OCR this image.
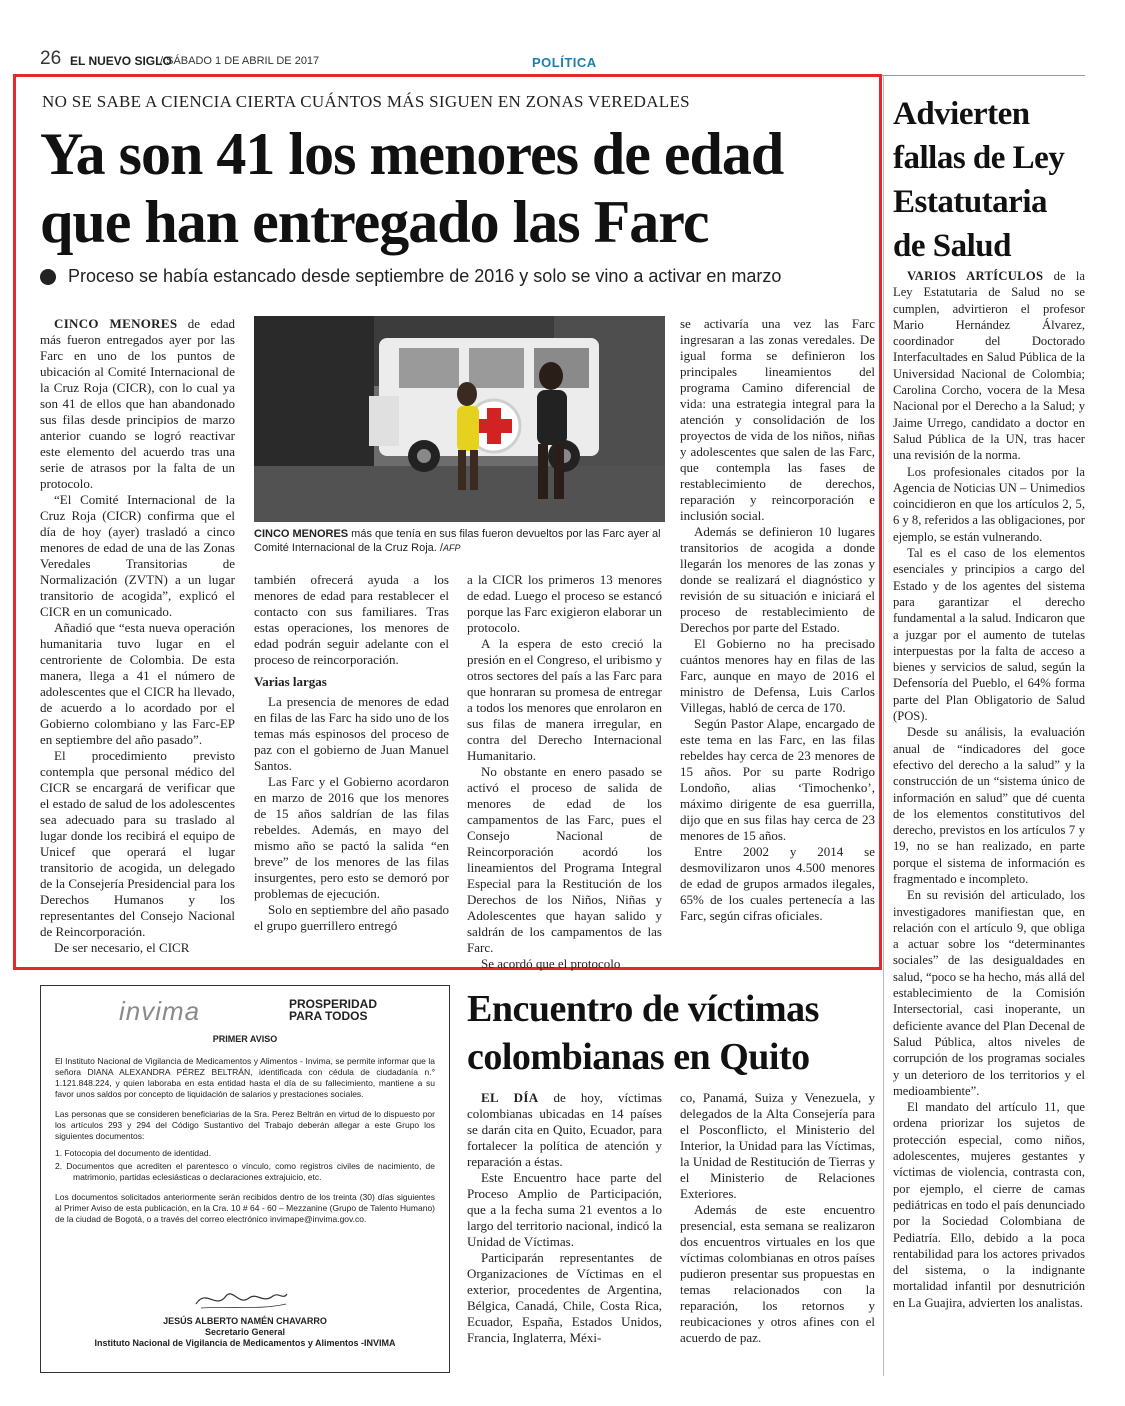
26 EL NUEVO SIGLO
/ SÁBADO 1 DE ABRIL DE 2017	POLÍTICA
NO SE SABE A CIENCIA CIERTA CUÁNTOS MÁS SIGUEN EN ZONAS VEREDALES
Ya son 41 los menores de edad que han entregado las Farc
Proceso se había estancado desde septiembre de 2016 y solo se vino a activar en marzo

CINCO MENORES de edad más fueron entregados ayer por las Farc en uno de los puntos de ubicación al Comité Internacional de la Cruz Roja (CICR), con lo cual ya son 41 de ellos que han abandonado sus filas desde principios de marzo anterior cuando se logró reactivar este elemento del acuerdo tras una serie de atrasos por la falta de un protocolo.

“El Comité Internacional de la Cruz Roja (CICR) confirma que el día de hoy (ayer) trasladó a cinco menores de edad de una de las Zonas Veredales Transitorias de Normalización (ZVTN) a un lugar transitorio de acogida”, explicó el CICR en un comunicado.

Añadió que “esta nueva operación humanitaria tuvo lugar en el centroriente de Colombia. De esta manera, llega a 41 el número de adolescentes que el CICR ha llevado, de acuerdo a lo acordado por el Gobierno colombiano y las Farc-EP en septiembre del año pasado”.

El procedimiento previsto contempla que personal médico del CICR se encargará de verificar que el estado de salud de los adolescentes sea adecuado para su traslado al lugar donde los recibirá el equipo de Unicef que operará el lugar transitorio de acogida, un delegado de la Consejería Presidencial para los Derechos Humanos y los representantes del Consejo Nacional de Reincorporación.

De ser necesario, el CICR

CINCO MENORES más que tenía en sus filas fueron devueltos por las Farc ayer al Comité Internacional de la Cruz Roja. /AFP

también ofrecerá ayuda a los menores de edad para restablecer el contacto con sus familiares. Tras estas operaciones, los menores de edad podrán seguir adelante con el proceso de reincorporación.

Varias largas

La presencia de menores de edad en filas de las Farc ha sido uno de los temas más espinosos del proceso de paz con el gobierno de Juan Manuel Santos.

Las Farc y el Gobierno acordaron en marzo de 2016 que los menores de 15 años saldrían de las filas rebeldes. Además, en mayo del mismo año se pactó la salida “en breve” de los menores de las filas insurgentes, pero esto se demoró por problemas de ejecución.

Solo en septiembre del año pasado el grupo guerrillero entregó

a la CICR los primeros 13 menores de edad. Luego el proceso se estancó porque las Farc exigieron elaborar un protocolo.

A la espera de esto creció la presión en el Congreso, el uribismo y otros sectores del país a las Farc para que honraran su promesa de entregar a todos los menores que enrolaron en sus filas de manera irregular, en contra del Derecho Internacional Humanitario.

No obstante en enero pasado se activó el proceso de salida de menores de edad de los campamentos de las Farc, pues el Consejo Nacional de Reincorporación acordó los lineamientos del Programa Integral Especial para la Restitución de los Derechos de los Niños, Niñas y Adolescentes que hayan salido y saldrán de los campamentos de las Farc.

Se acordó que el protocolo

se activaría una vez las Farc ingresaran a las zonas veredales. De igual forma se definieron los principales lineamientos del programa Camino diferencial de vida: una estrategia integral para la atención y consolidación de los proyectos de vida de los niños, niñas y adolescentes que salen de las Farc, que contempla las fases de restablecimiento de derechos, reparación y reincorporación e inclusión social.

Además se definieron 10 lugares transitorios de acogida a donde llegarán los menores de las zonas y donde se realizará el diagnóstico y revisión de su situación e iniciará el proceso de restablecimiento de Derechos por parte del Estado.

El Gobierno no ha precisado cuántos menores hay en filas de las Farc, aunque en mayo de 2016 el ministro de Defensa, Luis Carlos Villegas, habló de cerca de 170.

Según Pastor Alape, encargado de este tema en las Farc, en las filas rebeldes hay cerca de 23 menores de 15 años. Por su parte Rodrigo Londoño, alias ‘Timochenko’, máximo dirigente de esa guerrilla, dijo que en sus filas hay cerca de 23 menores de 15 años.

Entre 2002 y 2014 se desmovilizaron unos 4.500 menores de edad de grupos armados ilegales, 65% de los cuales pertenecía a las Farc, según cifras oficiales.

Advierten fallas de Ley Estatutaria de Salud

VARIOS ARTÍCULOS de la Ley Estatutaria de Salud no se cumplen, advirtieron el profesor Mario Hernández Álvarez, coordinador del Doctorado Interfacultades en Salud Pública de la Universidad Nacional de Colombia; Carolina Corcho, vocera de la Mesa Nacional por el Derecho a la Salud; y Jaime Urrego, candidato a doctor en Salud Pública de la UN, tras hacer una revisión de la norma.

Los profesionales citados por la Agencia de Noticias UN – Unimedios coincidieron en que los artículos 2, 5, 6 y 8, referidos a las obligaciones, por ejemplo, se están vulnerando.

Tal es el caso de los elementos esenciales y principios a cargo del Estado y de los agentes del sistema para garantizar el derecho fundamental a la salud. Indicaron que a juzgar por el aumento de tutelas interpuestas por la falta de acceso a bienes y servicios de salud, según la Defensoría del Pueblo, el 64% forma parte del Plan Obligatorio de Salud (POS).

Desde su análisis, la evaluación anual de “indicadores del goce efectivo del derecho a la salud” y la construcción de un “sistema único de información en salud” que dé cuenta de los elementos constitutivos del derecho, previstos en los artículos 7 y 19, no se han realizado, en parte porque el sistema de información es fragmentado e incompleto.

En su revisión del articulado, los investigadores manifiestan que, en relación con el artículo 9, que obliga a actuar sobre los “determinantes sociales” de las desigualdades en salud, “poco se ha hecho, más allá del establecimiento de la Comisión Intersectorial, casi inoperante, un deficiente avance del Plan Decenal de Salud Pública, altos niveles de corrupción de los programas sociales y un deterioro de los territorios y el medioambiente”.

El mandato del artículo 11, que ordena priorizar los sujetos de protección especial, como niños, adolescentes, mujeres gestantes y víctimas de violencia, contrasta con, por ejemplo, el cierre de camas pediátricas en todo el país denunciado por la Sociedad Colombiana de Pediatría. Ello, debido a la poca rentabilidad para los actores privados del sistema, o la indignante mortalidad infantil por desnutrición en La Guajira, advierten los analistas.

invima	PROSPERIDAD PARA TODOS
PRIMER AVISO

El Instituto Nacional de Vigilancia de Medicamentos y Alimentos - Invima, se permite informar que la señora DIANA ALEXANDRA PÉREZ BELTRÁN, identificada con cédula de ciudadanía n.° 1.121.848.224, y quien laboraba en esta entidad hasta el día de su fallecimiento, mantiene a su favor unos saldos por concepto de liquidación de salarios y prestaciones sociales.

Las personas que se consideren beneficiarias de la Sra. Perez Beltrán en virtud de lo dispuesto por los artículos 293 y 294 del Código Sustantivo del Trabajo deberán allegar a este Grupo los siguientes documentos:

1. Fotocopia del documento de identidad.

2. Documentos que acrediten el parentesco o vínculo, como registros civiles de nacimiento, de matrimonio, partidas eclesiásticas o declaraciones extrajuicio, etc.

Los documentos solicitados anteriormente serán recibidos dentro de los treinta (30) días siguientes al Primer Aviso de esta publicación, en la Cra. 10 # 64 - 60 – Mezzanine (Grupo de Talento Humano) de la ciudad de Bogotá, o a través del correo electrónico invimape@invima.gov.co.

JESÚS ALBERTO NAMÉN CHAVARRO
Secretario General
Instituto Nacional de Vigilancia de Medicamentos y Alimentos -INVIMA
Encuentro de víctimas colombianas en Quito

EL DÍA de hoy, víctimas colombianas ubicadas en 14 países se darán cita en Quito, Ecuador, para fortalecer la política de atención y reparación a éstas.

Este Encuentro hace parte del Proceso Amplio de Participación, que a la fecha suma 21 eventos a lo largo del territorio nacional, indicó la Unidad de Víctimas.

Participarán representantes de Organizaciones de Víctimas en el exterior, procedentes de Argentina, Bélgica, Canadá, Chile, Costa Rica, Ecuador, España, Estados Unidos, Francia, Inglaterra, Méxi-

co, Panamá, Suiza y Venezuela, y delegados de la Alta Consejería para el Posconflicto, el Ministerio del Interior, la Unidad para las Víctimas, la Unidad de Restitución de Tierras y el Ministerio de Relaciones Exteriores.

Además de este encuentro presencial, esta semana se realizaron dos encuentros virtuales en los que víctimas colombianas en otros países pudieron presentar sus propuestas en temas relacionados con la reparación, los retornos y reubicaciones y otros afines con el acuerdo de paz.
